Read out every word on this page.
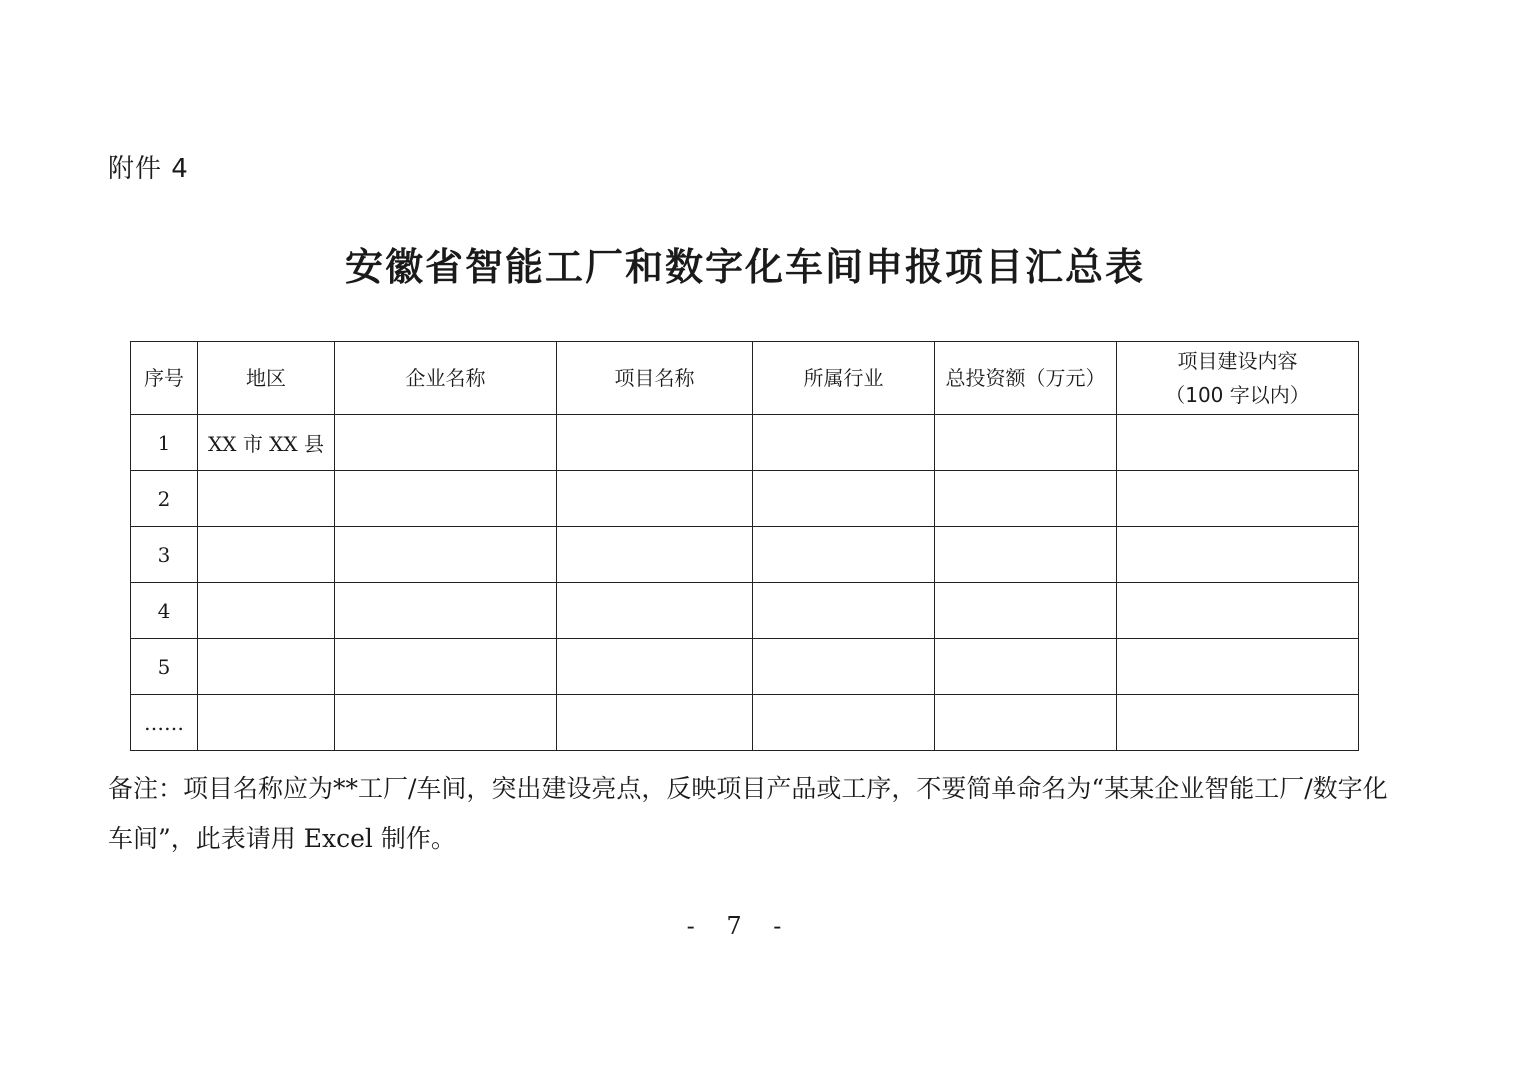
附件 4
安徽省智能工厂和数字化车间申报项目汇总表
序号	地区	企业名称	项目名称	所属行业	总投资额（万元）	项目建设内容
（100 字以内）

1	XX 市 XX 县					
2						
3						
4						
5						
……						
备注：项目名称应为**工厂/车间，突出建设亮点，反映项目产品或工序，不要简单命名为“某某企业智能工厂/数字化车间”，此表请用 Excel 制作。
- 7 -
